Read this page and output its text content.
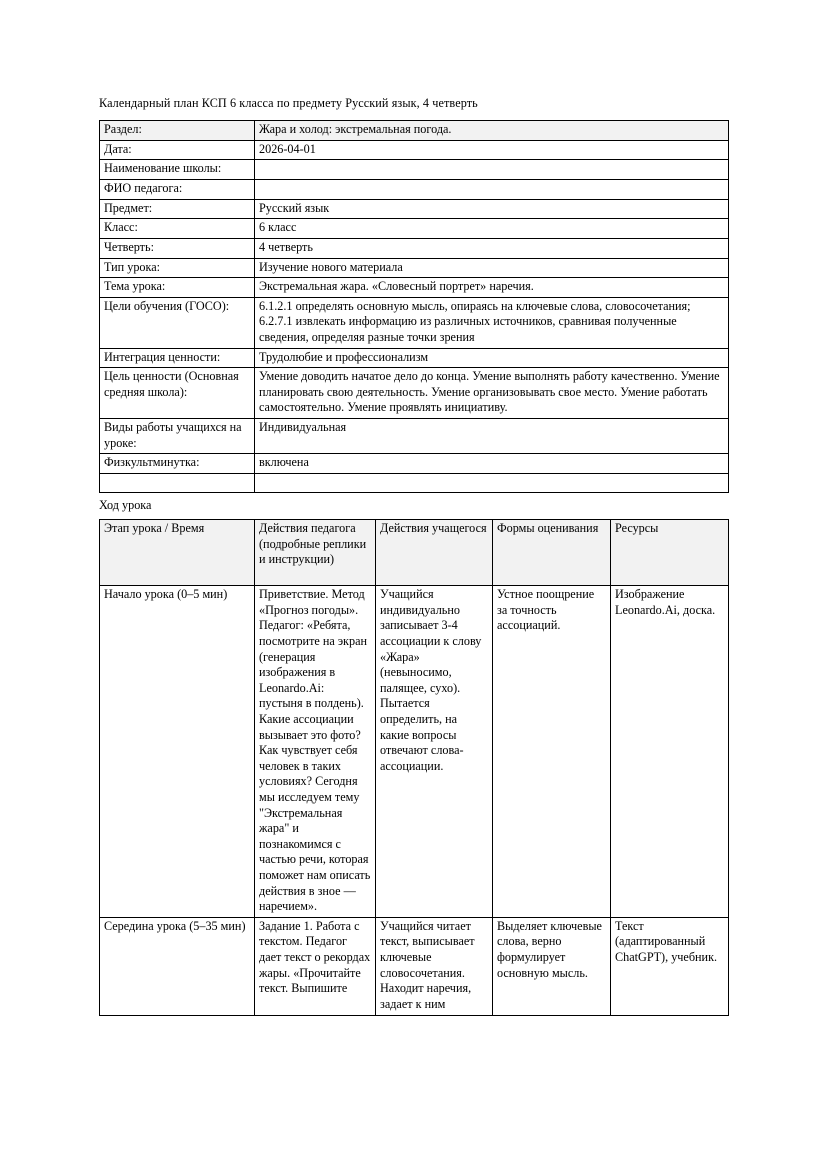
Календарный план КСП 6 класса по предмету Русский язык, 4 четверть

Раздел:	Жара и холод: экстремальная погода.
Дата:	2026-04-01
Наименование школы:	
ФИО педагога:	
Предмет:	Русский язык
Класс:	6 класс
Четверть:	4 четверть
Тип урока:	Изучение нового материала
Тема урока:	Экстремальная жара. «Словесный портрет» наречия.
Цели обучения (ГОСО):	6.1.2.1 определять основную мысль, опираясь на ключевые слова, словосочетания; 6.2.7.1 извлекать информацию из различных источников, сравнивая полученные сведения, определяя разные точки зрения
Интеграция ценности:	Трудолюбие и профессионализм
Цель ценности (Основная средняя школа):	Умение доводить начатое дело до конца. Умение выполнять работу качественно. Умение планировать свою деятельность. Умение организовывать свое место. Умение работать самостоятельно. Умение проявлять инициативу.
Виды работы учащихся на уроке:	Индивидуальная
Физкультминутка:	включена

Ход урока

Этап урока / Время	Действия педагога (подробные реплики и инструкции)	Действия учащегося	Формы оценивания	Ресурсы
Начало урока (0–5 мин)	Приветствие. Метод «Прогноз погоды». Педагог: «Ребята, посмотрите на экран (генерация изображения в Leonardo.Ai: пустыня в полдень). Какие ассоциации вызывает это фото? Как чувствует себя человек в таких условиях? Сегодня мы исследуем тему "Экстремальная жара" и познакомимся с частью речи, которая поможет нам описать действия в зное — наречием».	Учащийся индивидуально записывает 3-4 ассоциации к слову «Жара» (невыносимо, палящее, сухо). Пытается определить, на какие вопросы отвечают слова-ассоциации.	Устное поощрение за точность ассоциаций.	Изображение Leonardo.Ai, доска.
Середина урока (5–35 мин)	Задание 1. Работа с текстом. Педагог дает текст о рекордах жары. «Прочитайте текст. Выпишите	Учащийся читает текст, выписывает ключевые словосочетания. Находит наречия, задает к ним	Выделяет ключевые слова, верно формулирует основную мысль.	Текст (адаптированный ChatGPT), учебник.
